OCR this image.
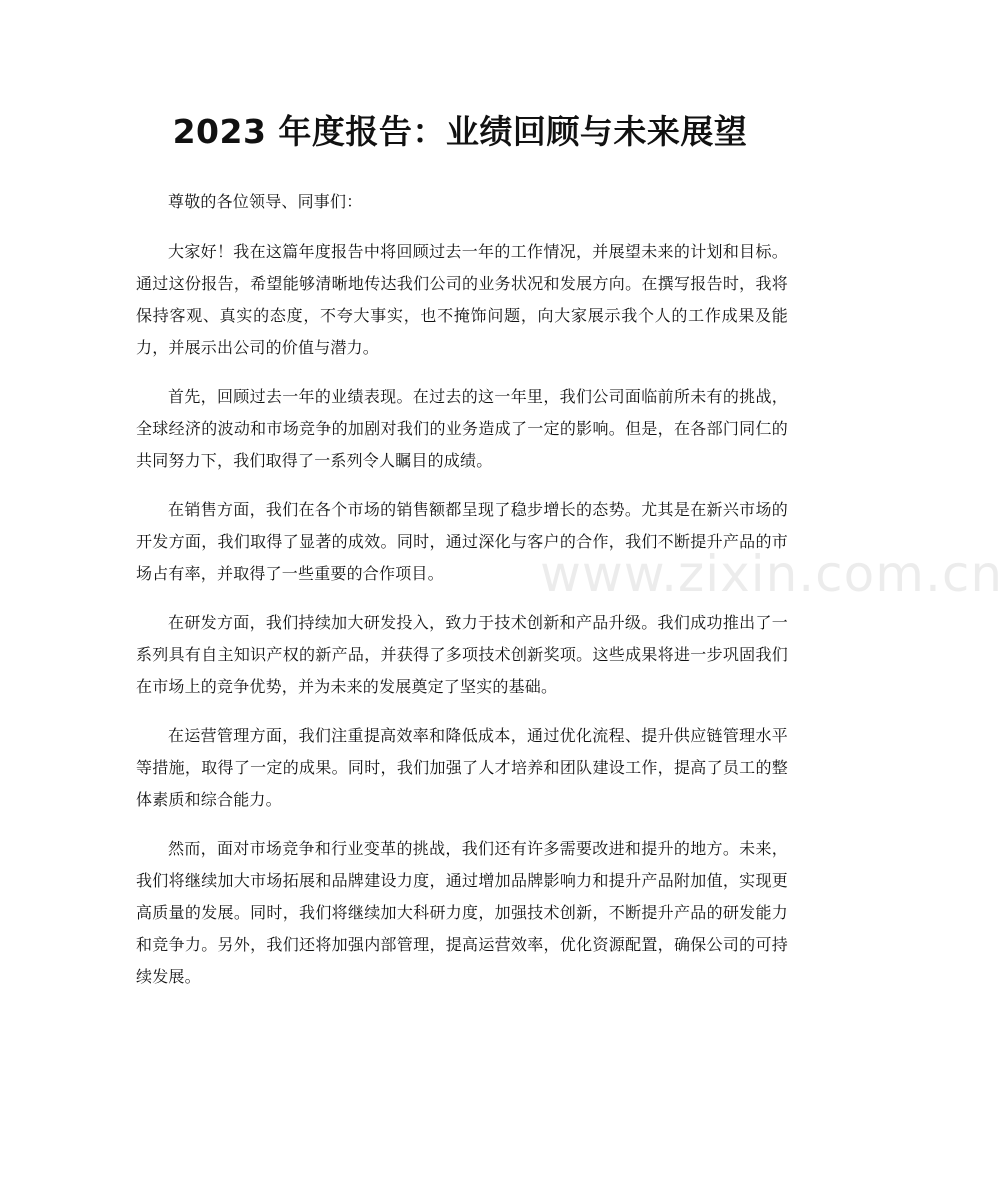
2023 年度报告：业绩回顾与未来展望

尊敬的各位领导、同事们：

大家好！我在这篇年度报告中将回顾过去一年的工作情况，并展望未来的计划和目标。通过这份报告，希望能够清晰地传达我们公司的业务状况和发展方向。在撰写报告时，我将保持客观、真实的态度，不夸大事实，也不掩饰问题，向大家展示我个人的工作成果及能力，并展示出公司的价值与潜力。

首先，回顾过去一年的业绩表现。在过去的这一年里，我们公司面临前所未有的挑战，全球经济的波动和市场竞争的加剧对我们的业务造成了一定的影响。但是，在各部门同仁的共同努力下，我们取得了一系列令人瞩目的成绩。

在销售方面，我们在各个市场的销售额都呈现了稳步增长的态势。尤其是在新兴市场的开发方面，我们取得了显著的成效。同时，通过深化与客户的合作，我们不断提升产品的市场占有率，并取得了一些重要的合作项目。

在研发方面，我们持续加大研发投入，致力于技术创新和产品升级。我们成功推出了一系列具有自主知识产权的新产品，并获得了多项技术创新奖项。这些成果将进一步巩固我们在市场上的竞争优势，并为未来的发展奠定了坚实的基础。

在运营管理方面，我们注重提高效率和降低成本，通过优化流程、提升供应链管理水平等措施，取得了一定的成果。同时，我们加强了人才培养和团队建设工作，提高了员工的整体素质和综合能力。

然而，面对市场竞争和行业变革的挑战，我们还有许多需要改进和提升的地方。未来，我们将继续加大市场拓展和品牌建设力度，通过增加品牌影响力和提升产品附加值，实现更高质量的发展。同时，我们将继续加大科研力度，加强技术创新，不断提升产品的研发能力和竞争力。另外，我们还将加强内部管理，提高运营效率，优化资源配置，确保公司的可持续发展。

www.zixin.com.cn
